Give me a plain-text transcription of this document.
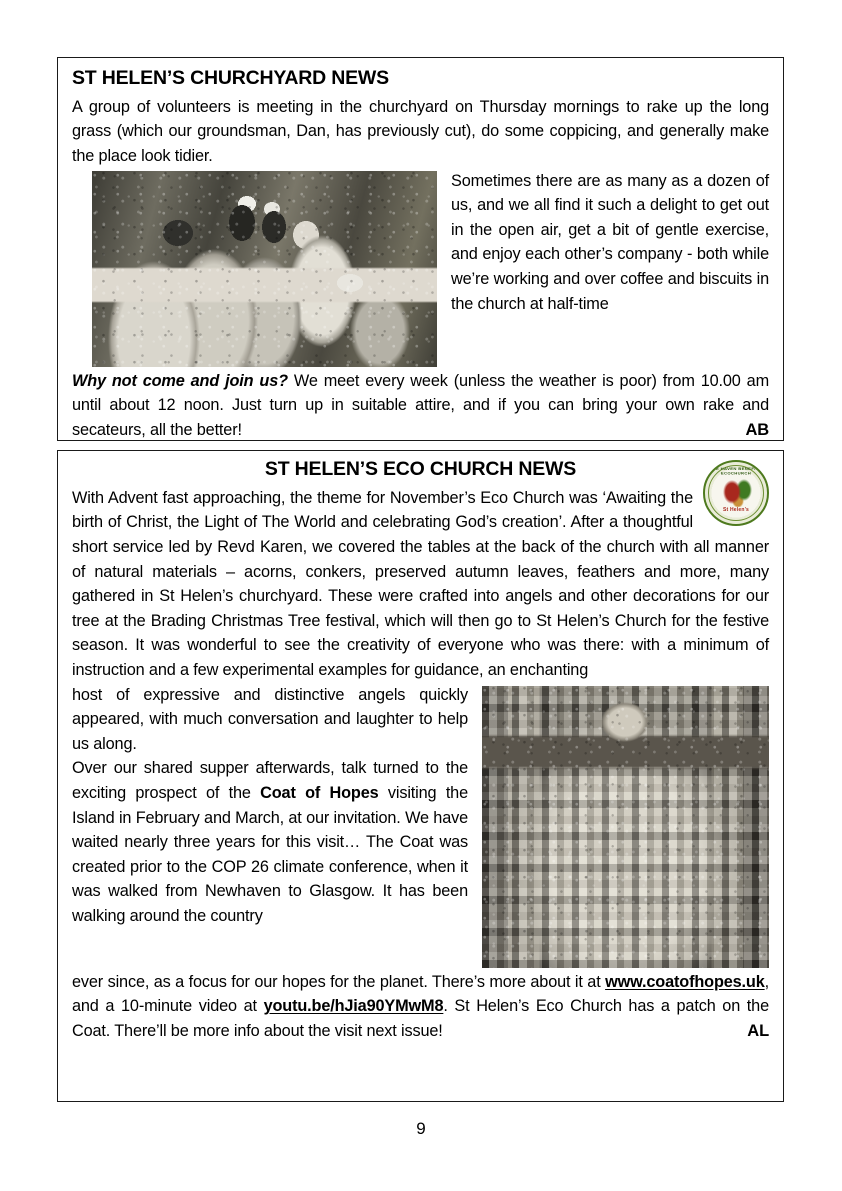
ST HELEN’S CHURCHYARD NEWS

A group of volunteers is meeting in the churchyard on Thursday mornings to rake up the long grass (which our groundsman, Dan, has previously cut), do some coppicing, and generally make the place look tidier.

Sometimes there are as many as a dozen of us, and we all find it such a delight to get out in the open air, get a bit of gentle exercise, and enjoy each other’s company - both while we’re working and over coffee and biscuits in the church at half-time

Why not come and join us? We meet every week (unless the weather is poor) from 10.00 am until about 12 noon. Just turn up in suitable attire, and if you can bring your own rake and secateurs, all the better!	AB

ST HELEN’S ECO CHURCH NEWS	THE HAVEN BENEFICE ECOCHURCH
St Helen’s

With Advent fast approaching, the theme for November’s Eco Church was ‘Awaiting the birth of Christ, the Light of The World and celebrating God’s creation’. After a thoughtful short service led by Revd Karen, we covered the tables at the back of the church with all manner of natural materials – acorns, conkers, preserved autumn leaves, feathers and more, many gathered in St Helen’s churchyard. These were crafted into angels and other decorations for our tree at the Brading Christmas Tree festival, which will then go to St Helen’s Church for the festive season. It was wonderful to see the creativity of everyone who was there: with a minimum of instruction and a few experimental examples for guidance, an enchanting

host of expressive and distinctive angels quickly appeared, with much conversation and laughter to help us along.

Over our shared supper afterwards, talk turned to the exciting prospect of the Coat of Hopes visiting the Island in February and March, at our invitation. We have waited nearly three years for this visit… The Coat was created prior to the COP 26 climate conference, when it was walked from Newhaven to Glasgow. It has been walking around the country

ever since, as a focus for our hopes for the planet. There’s more about it at www.coatofhopes.uk, and a 10-minute video at youtu.be/hJia90YMwM8. St Helen’s Eco Church has a patch on the Coat. There’ll be more info about the visit next issue!	AL

9
